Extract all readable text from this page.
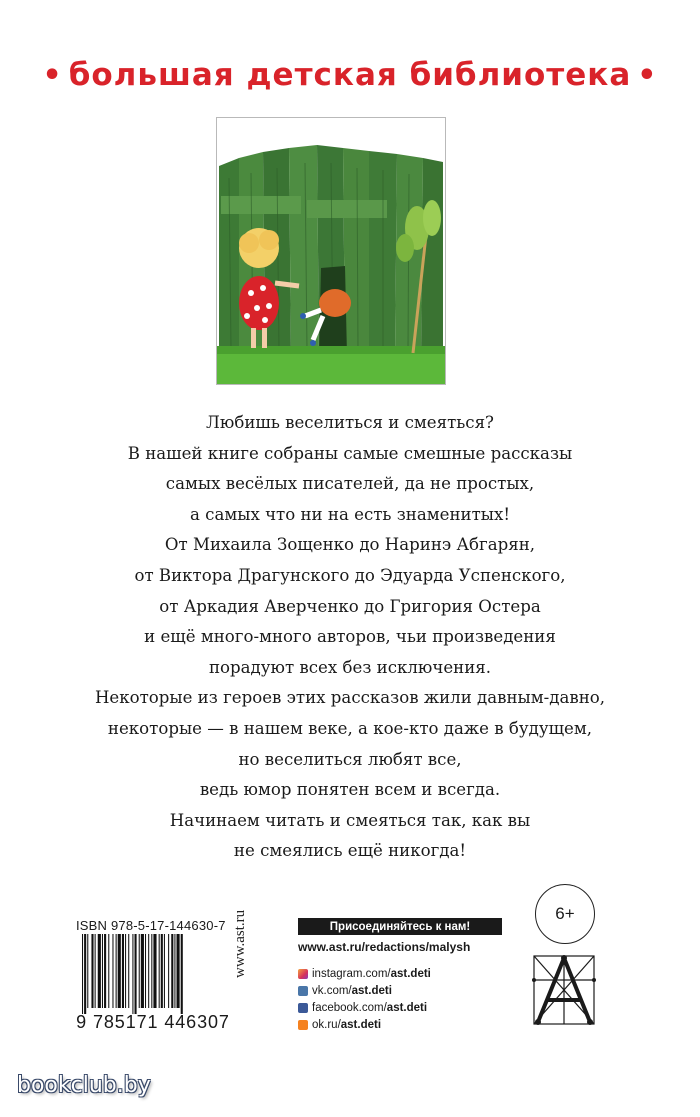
• большая детская библиотека •
Любишь веселиться и смеяться?
В нашей книге собраны самые смешные рассказы
самых весёлых писателей, да не простых,
а самых что ни на есть знаменитых!
От Михаила Зощенко до Наринэ Абгарян,
от Виктора Драгунского до Эдуарда Успенского,
от Аркадия Аверченко до Григория Остера
и ещё много-много авторов, чьи произведения
порадуют всех без исключения.
Некоторые из героев этих рассказов жили давным-давно,
некоторые — в нашем веке, а кое-кто даже в будущем,
но веселиться любят все,
ведь юмор понятен всем и всегда.
Начинаем читать и смеяться так, как вы
не смеялись ещё никогда!
ISBN 978-5-17-144630-7
9 785171 446307
www.ast.ru	Присоединяйтесь к нам!
www.ast.ru/redactions/malysh
instagram.com/ ast.deti
vk.com/ ast.deti
facebook.com/ ast.deti
ok.ru/ ast.deti
6+
bookclub.by
